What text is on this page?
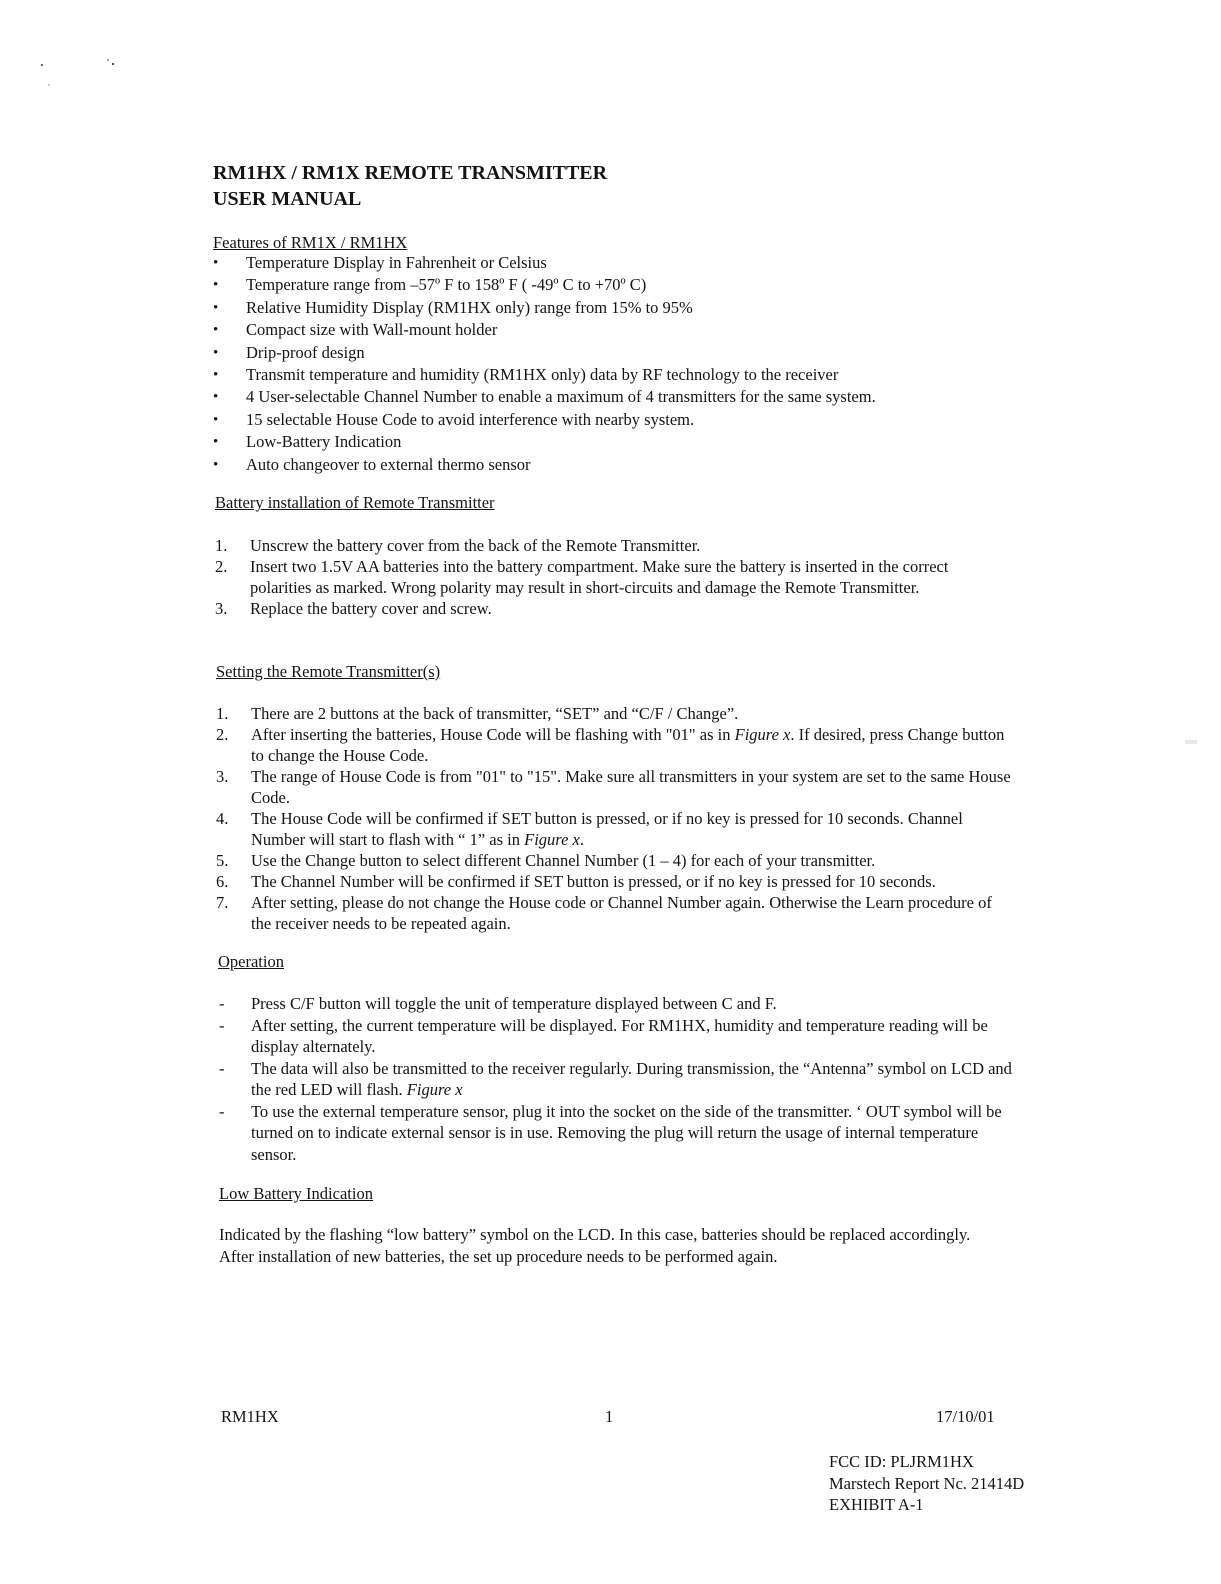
RM1HX / RM1X REMOTE TRANSMITTER
USER MANUAL
Features of RM1X / RM1HX
• Temperature Display in Fahrenheit or Celsius
• Temperature range from –57º F to 158º F ( -49º C to +70º C)
• Relative Humidity Display (RM1HX only) range from 15% to 95%
• Compact size with Wall-mount holder
• Drip-proof design
• Transmit temperature and humidity (RM1HX only) data by RF technology to the receiver
• 4 User-selectable Channel Number to enable a maximum of 4 transmitters for the same system.
• 15 selectable House Code to avoid interference with nearby system.
• Low-Battery Indication
• Auto changeover to external thermo sensor
Battery installation of Remote Transmitter
1. Unscrew the battery cover from the back of the Remote Transmitter.
2. Insert two 1.5V AA batteries into the battery compartment. Make sure the battery is inserted in the correct polarities as marked. Wrong polarity may result in short-circuits and damage the Remote Transmitter.
3. Replace the battery cover and screw.
Setting the Remote Transmitter(s)
1. There are 2 buttons at the back of transmitter, “SET” and “C/F / Change”.
2. After inserting the batteries, House Code will be flashing with "01" as in Figure x. If desired, press Change button to change the House Code.
3. The range of House Code is from "01" to "15". Make sure all transmitters in your system are set to the same House Code.
4. The House Code will be confirmed if SET button is pressed, or if no key is pressed for 10 seconds. Channel Number will start to flash with “ 1” as in Figure x.
5. Use the Change button to select different Channel Number (1 – 4) for each of your transmitter.
6. The Channel Number will be confirmed if SET button is pressed, or if no key is pressed for 10 seconds.
7. After setting, please do not change the House code or Channel Number again. Otherwise the Learn procedure of the receiver needs to be repeated again.
Operation
- Press C/F button will toggle the unit of temperature displayed between C and F.
- After setting, the current temperature will be displayed. For RM1HX, humidity and temperature reading will be display alternately.
- The data will also be transmitted to the receiver regularly. During transmission, the “Antenna” symbol on LCD and the red LED will flash. Figure x
- To use the external temperature sensor, plug it into the socket on the side of the transmitter. ‘ OUT symbol will be turned on to indicate external sensor is in use. Removing the plug will return the usage of internal temperature sensor.
Low Battery Indication
Indicated by the flashing “low battery” symbol on the LCD. In this case, batteries should be replaced accordingly. After installation of new batteries, the set up procedure needs to be performed again.
RM1HX	1	17/10/01
FCC ID: PLJRM1HX
Marstech Report Nc. 21414D
EXHIBIT A-1
